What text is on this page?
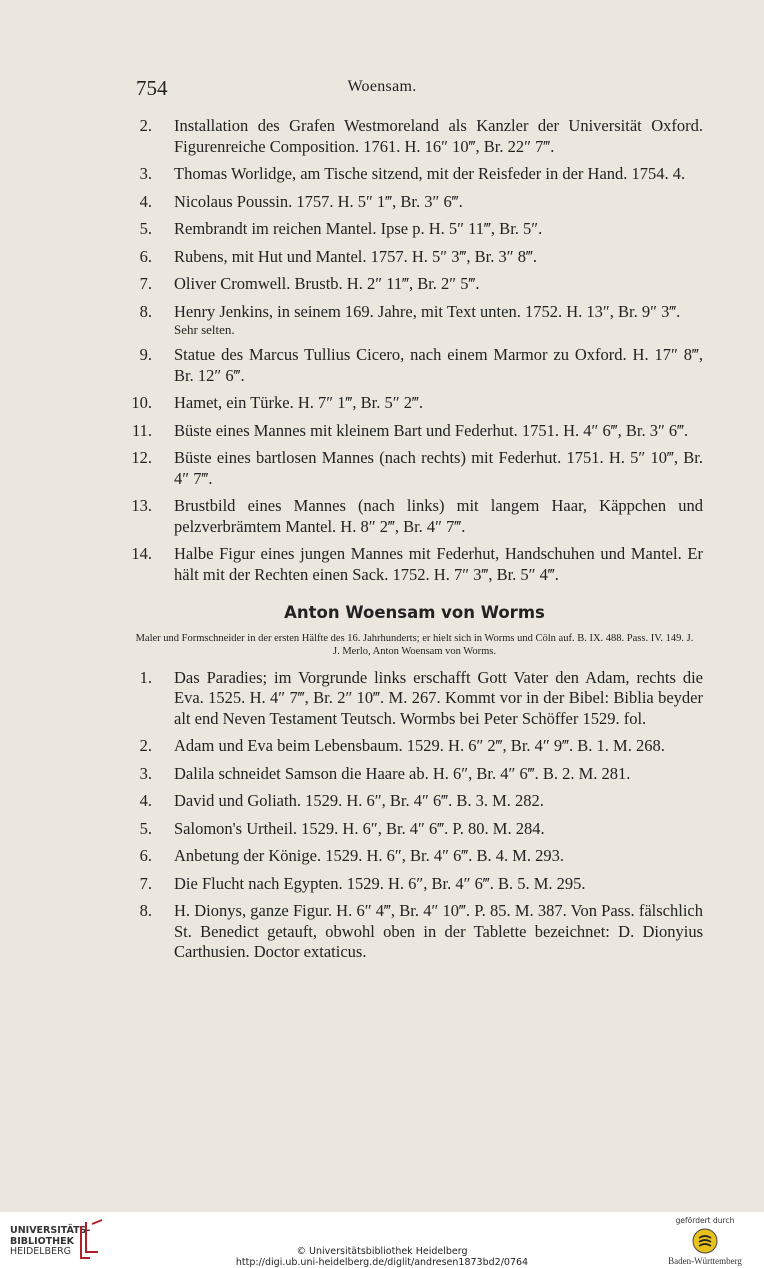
754	Woensam.
2. Installation des Grafen Westmoreland als Kanzler der Universität Oxford. Figurenreiche Composition. 1761. H. 16″ 10‴, Br. 22″ 7‴.
3. Thomas Worlidge, am Tische sitzend, mit der Reisfeder in der Hand. 1754. 4.
4. Nicolaus Poussin. 1757. H. 5″ 1‴, Br. 3″ 6‴.
5. Rembrandt im reichen Mantel. Ipse p. H. 5″ 11‴, Br. 5″.
6. Rubens, mit Hut und Mantel. 1757. H. 5″ 3‴, Br. 3″ 8‴.
7. Oliver Cromwell. Brustb. H. 2″ 11‴, Br. 2″ 5‴.
8. Henry Jenkins, in seinem 169. Jahre, mit Text unten. 1752. H. 13″, Br. 9″ 3‴.
Sehr selten.
9. Statue des Marcus Tullius Cicero, nach einem Marmor zu Oxford. H. 17″ 8‴, Br. 12″ 6‴.
10. Hamet, ein Türke. H. 7″ 1‴, Br. 5″ 2‴.
11. Büste eines Mannes mit kleinem Bart und Federhut. 1751. H. 4″ 6‴, Br. 3″ 6‴.
12. Büste eines bartlosen Mannes (nach rechts) mit Federhut. 1751. H. 5″ 10‴, Br. 4″ 7‴.
13. Brustbild eines Mannes (nach links) mit langem Haar, Käppchen und pelzverbrämtem Mantel. H. 8″ 2‴, Br. 4″ 7‴.
14. Halbe Figur eines jungen Mannes mit Federhut, Handschuhen und Mantel. Er hält mit der Rechten einen Sack. 1752. H. 7″ 3‴, Br. 5″ 4‴.
Anton Woensam von Worms
Maler und Formschneider in der ersten Hälfte des 16. Jahrhunderts; er hielt sich in Worms und Cöln auf. B. IX. 488. Pass. IV. 149. J. J. Merlo, Anton Woensam von Worms.
1. Das Paradies; im Vorgrunde links erschafft Gott Vater den Adam, rechts die Eva. 1525. H. 4″ 7‴, Br. 2″ 10‴. M. 267. Kommt vor in der Bibel: Biblia beyder alt end Neven Testament Teutsch. Wormbs bei Peter Schöffer 1529. fol.
2. Adam und Eva beim Lebensbaum. 1529. H. 6″ 2‴, Br. 4″ 9‴. B. 1. M. 268.
3. Dalila schneidet Samson die Haare ab. H. 6″, Br. 4″ 6‴. B. 2. M. 281.
4. David und Goliath. 1529. H. 6″, Br. 4″ 6‴. B. 3. M. 282.
5. Salomon's Urtheil. 1529. H. 6″, Br. 4″ 6‴. P. 80. M. 284.
6. Anbetung der Könige. 1529. H. 6″, Br. 4″ 6‴. B. 4. M. 293.
7. Die Flucht nach Egypten. 1529. H. 6″, Br. 4″ 6‴. B. 5. M. 295.
8. H. Dionys, ganze Figur. H. 6″ 4‴, Br. 4″ 10‴. P. 85. M. 387. Von Pass. fälschlich St. Benedict getauft, obwohl oben in der Tablette bezeichnet: D. Dionyius Carthusien. Doctor extaticus.
UNIVERSITÄTS-
BIBLIOTHEK
HEIDELBERG	© Universitätsbibliothek Heidelberg
http://digi.ub.uni-heidelberg.de/diglit/andresen1873bd2/0764
gefördert durch
Baden-Württemberg
